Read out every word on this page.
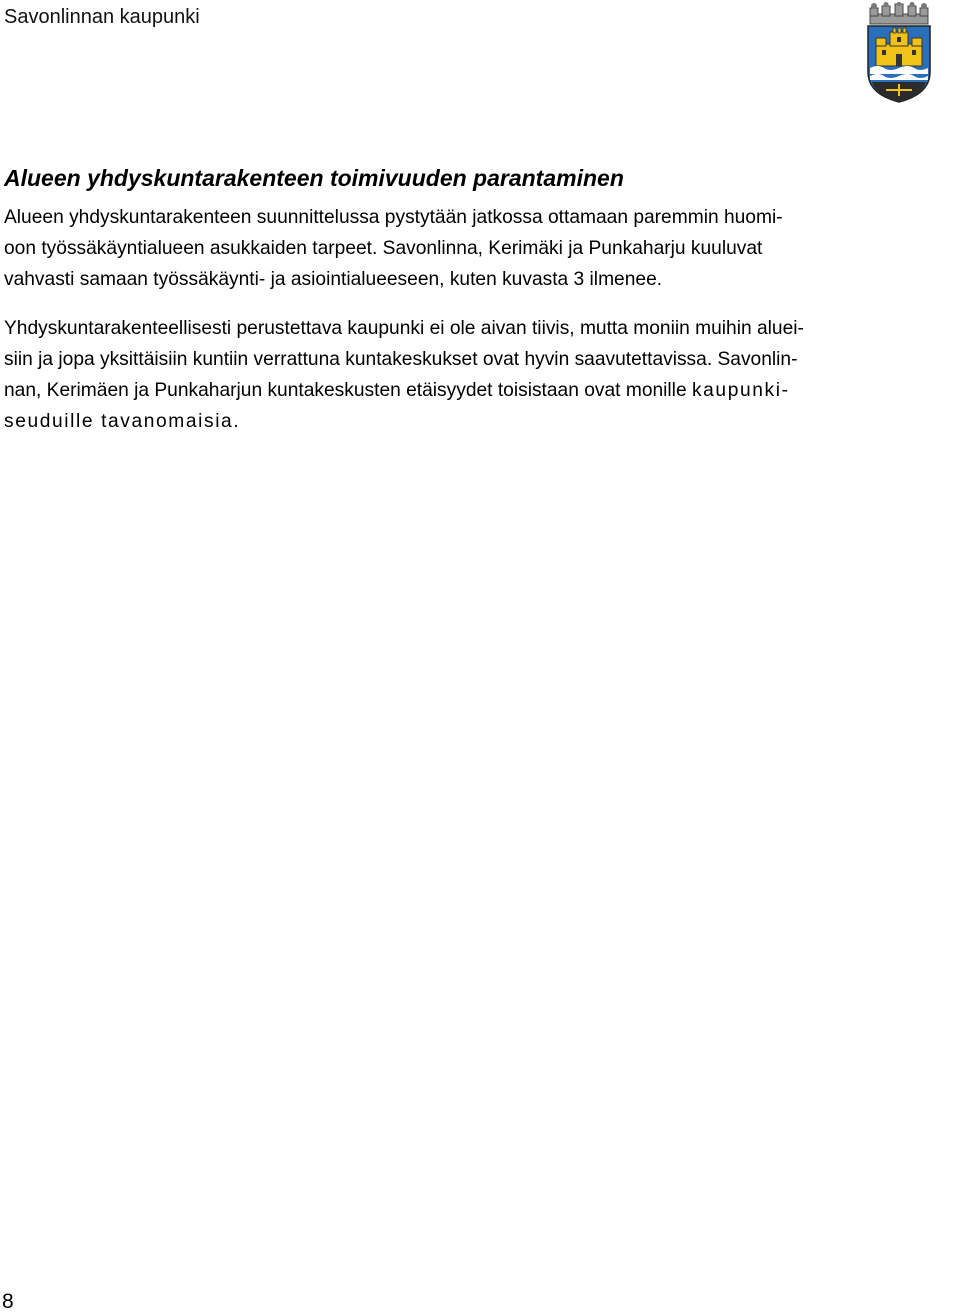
Savonlinnan kaupunki
Alueen yhdyskuntarakenteen toimivuuden parantaminen

Alueen yhdyskuntarakenteen suunnittelussa pystytään jatkossa ottamaan paremmin huomi-
oon työssäkäyntialueen asukkaiden tarpeet. Savonlinna, Kerimäki ja Punkaharju kuuluvat
vahvasti samaan työssäkäynti- ja asiointialueeseen, kuten kuvasta 3 ilmenee.

Yhdyskuntarakenteellisesti perustettava kaupunki ei ole aivan tiivis, mutta moniin muihin aluei-
siin ja jopa yksittäisiin kuntiin verrattuna kuntakeskukset ovat hyvin saavutettavissa. Savonlin-
nan, Kerimäen ja Punkaharjun kuntakeskusten etäisyydet toisistaan ovat monille kaupunki-
seuduille tavanomaisia.

8
